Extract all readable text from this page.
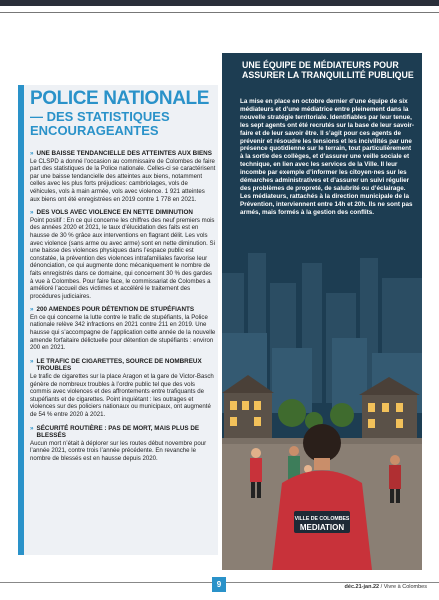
POLICE NATIONALE
— DES STATISTIQUES ENCOURAGEANTES
» UNE BAISSE TENDANCIELLE DES ATTEINTES AUX BIENS

Le CLSPD a donné l’occasion au commissaire de Colombes de faire part des statistiques de la Police nationale. Celles-ci se caractérisent par une baisse tendancielle des atteintes aux biens, notamment celles avec les plus forts préjudices: cambriolages, vols de véhicules, vols à main armée, vols avec violence. 1 921 atteintes aux biens ont été enregistrées en 2019 contre 1 778 en 2021.

» DES VOLS AVEC VIOLENCE EN NETTE DIMINUTION

Point positif : En ce qui concerne les chiffres des neuf premiers mois des années 2020 et 2021, le taux d’élucidation des faits est en hausse de 30 % grâce aux interventions en flagrant délit. Les vols avec violence (sans arme ou avec arme) sont en nette diminution. Si une baisse des violences physiques dans l’espace public est constatée, la prévention des violences intrafamiliales favorise leur dénonciation, ce qui augmente donc mécaniquement le nombre de faits enregistrés dans ce domaine, qui concernent 30 % des gardes à vue à Colombes. Pour faire face, le commissariat de Colombes a amélioré l’accueil des victimes et accéléré le traitement des procédures judiciaires.

» 200 AMENDES POUR DÉTENTION DE STUPÉFIANTS

En ce qui concerne la lutte contre le trafic de stupéfiants, la Police nationale relève 342 infractions en 2021 contre 211 en 2019. Une hausse qui s’accompagne de l’application cette année de la nouvelle amende forfaitaire délictuelle pour détention de stupéfiants : environ 200 en 2021.

» LE TRAFIC DE CIGARETTES, SOURCE DE NOMBREUX TROUBLES

Le trafic de cigarettes sur la place Aragon et la gare de Victor-Basch génère de nombreux troubles à l’ordre public tel que des vols commis avec violences et des affrontements entre trafiquants de stupéfiants et de cigarettes. Point inquiétant : les outrages et violences sur des policiers nationaux ou municipaux, ont augmenté de 54 % entre 2020 à 2021.

» SÉCURITÉ ROUTIÈRE : PAS DE MORT, MAIS PLUS DE BLESSÉS

Aucun mort n’était à déplorer sur les routes début novembre pour l’année 2021, contre trois l’année précédente. En revanche le nombre de blessés est en hausse depuis 2020.

UNE ÉQUIPE DE MÉDIATEURS POUR ASSURER LA TRANQUILLITÉ PUBLIQUE

La mise en place en octobre dernier d’une équipe de six médiateurs et d’une médiatrice entre pleinement dans la nouvelle stratégie territoriale. Identifiables par leur tenue, les sept agents ont été recrutés sur la base de leur savoir-faire et de leur savoir être. Il s’agit pour ces agents de prévenir et résoudre les tensions et les incivilités par une présence quotidienne sur le terrain, tout particulièrement à la sortie des collèges, et d’assurer une veille sociale et technique, en lien avec les services de la Ville. Il leur incombe par exemple d’informer les citoyen·nes sur les démarches administratives et d’assurer un suivi régulier des problèmes de propreté, de salubrité ou d’éclairage. Les médiateurs, rattachés à la direction municipale de la Prévention, interviennent entre 14h et 20h. Ils ne sont pas armés, mais formés à la gestion des conflits.

VILLE DE COLOMBES
MEDIATION
9	déc.21-jan.22 / Vivre à Colombes
